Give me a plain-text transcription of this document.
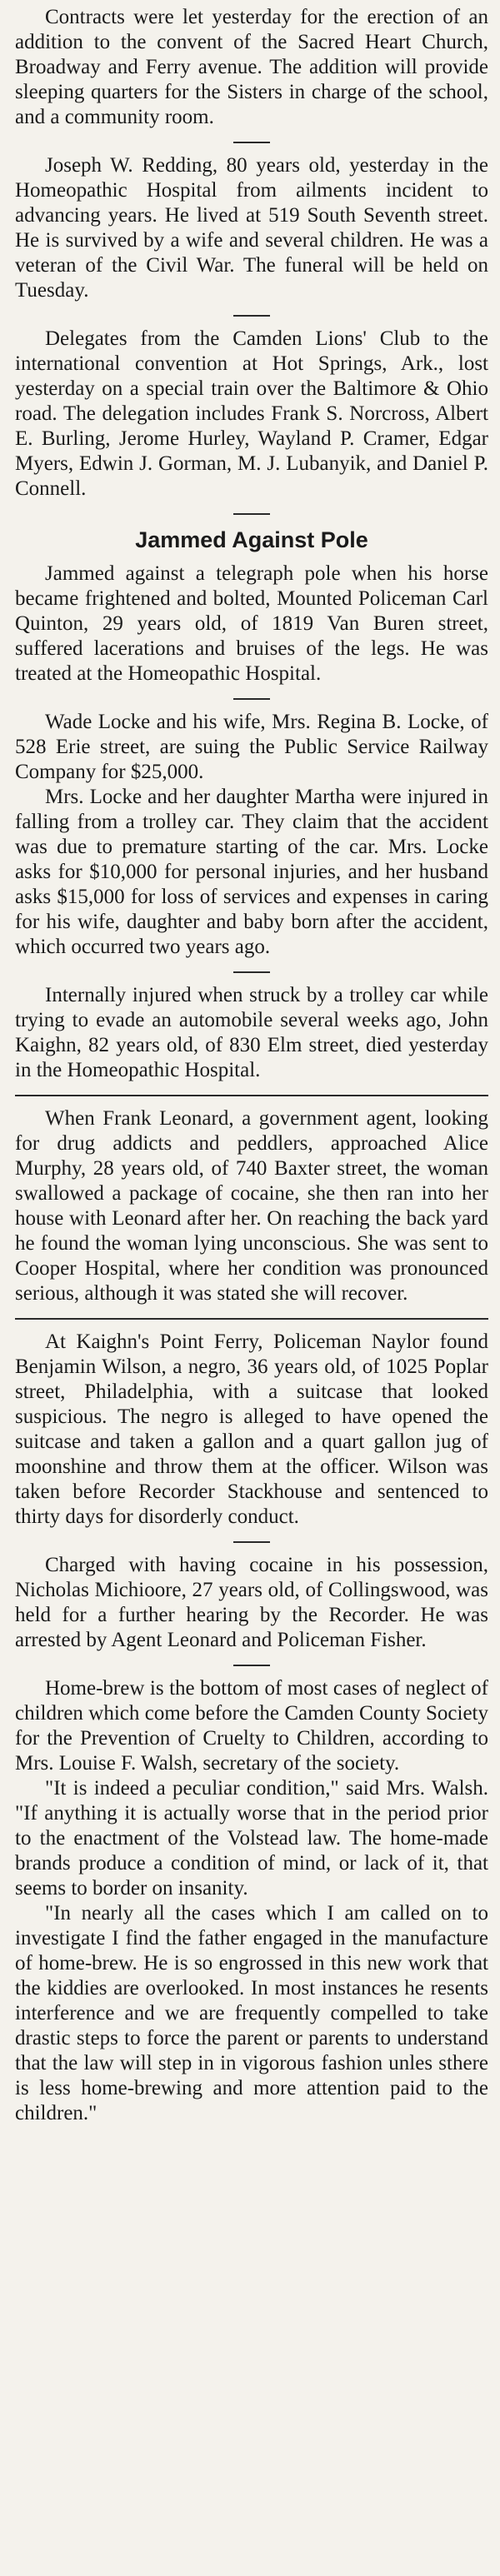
Contracts were let yesterday for the erection of an addition to the convent of the Sacred Heart Church, Broadway and Ferry avenue. The addition will provide sleeping quarters for the Sisters in charge of the school, and a community room.

Joseph W. Redding, 80 years old, yesterday in the Homeopathic Hospital from ailments incident to advancing years. He lived at 519 South Seventh street. He is survived by a wife and several children. He was a veteran of the Civil War. The funeral will be held on Tuesday.

Delegates from the Camden Lions' Club to the international convention at Hot Springs, Ark., lost yesterday on a special train over the Baltimore & Ohio road. The delegation includes Frank S. Norcross, Albert E. Burling, Jerome Hurley, Wayland P. Cramer, Edgar Myers, Edwin J. Gorman, M. J. Lubanyik, and Daniel P. Connell.

Jammed Against Pole

Jammed against a telegraph pole when his horse became frightened and bolted, Mounted Policeman Carl Quinton, 29 years old, of 1819 Van Buren street, suffered lacerations and bruises of the legs. He was treated at the Homeopathic Hospital.

Wade Locke and his wife, Mrs. Regina B. Locke, of 528 Erie street, are suing the Public Service Railway Company for $25,000.

Mrs. Locke and her daughter Martha were injured in falling from a trolley car. They claim that the accident was due to premature starting of the car. Mrs. Locke asks for $10,000 for personal injuries, and her husband asks $15,000 for loss of services and expenses in caring for his wife, daughter and baby born after the accident, which occurred two years ago.

Internally injured when struck by a trolley car while trying to evade an automobile several weeks ago, John Kaighn, 82 years old, of 830 Elm street, died yesterday in the Homeopathic Hospital.

When Frank Leonard, a government agent, looking for drug addicts and peddlers, approached Alice Murphy, 28 years old, of 740 Baxter street, the woman swallowed a package of cocaine, she then ran into her house with Leonard after her. On reaching the back yard he found the woman lying unconscious. She was sent to Cooper Hospital, where her condition was pronounced serious, although it was stated she will recover.

At Kaighn's Point Ferry, Policeman Naylor found Benjamin Wilson, a negro, 36 years old, of 1025 Poplar street, Philadelphia, with a suitcase that looked suspicious. The negro is alleged to have opened the suitcase and taken a gallon and a quart gallon jug of moonshine and throw them at the officer. Wilson was taken before Recorder Stackhouse and sentenced to thirty days for disorderly conduct.

Charged with having cocaine in his possession, Nicholas Michioore, 27 years old, of Collingswood, was held for a further hearing by the Recorder. He was arrested by Agent Leonard and Policeman Fisher.

Home-brew is the bottom of most cases of neglect of children which come before the Camden County Society for the Prevention of Cruelty to Children, according to Mrs. Louise F. Walsh, secretary of the society.

"It is indeed a peculiar condition," said Mrs. Walsh. "If anything it is actually worse that in the period prior to the enactment of the Volstead law. The home-made brands produce a condition of mind, or lack of it, that seems to border on insanity.

"In nearly all the cases which I am called on to investigate I find the father engaged in the manufacture of home-brew. He is so engrossed in this new work that the kiddies are overlooked. In most instances he resents interference and we are frequently compelled to take drastic steps to force the parent or parents to understand that the law will step in in vigorous fashion unles sthere is less home-brewing and more attention paid to the children."
